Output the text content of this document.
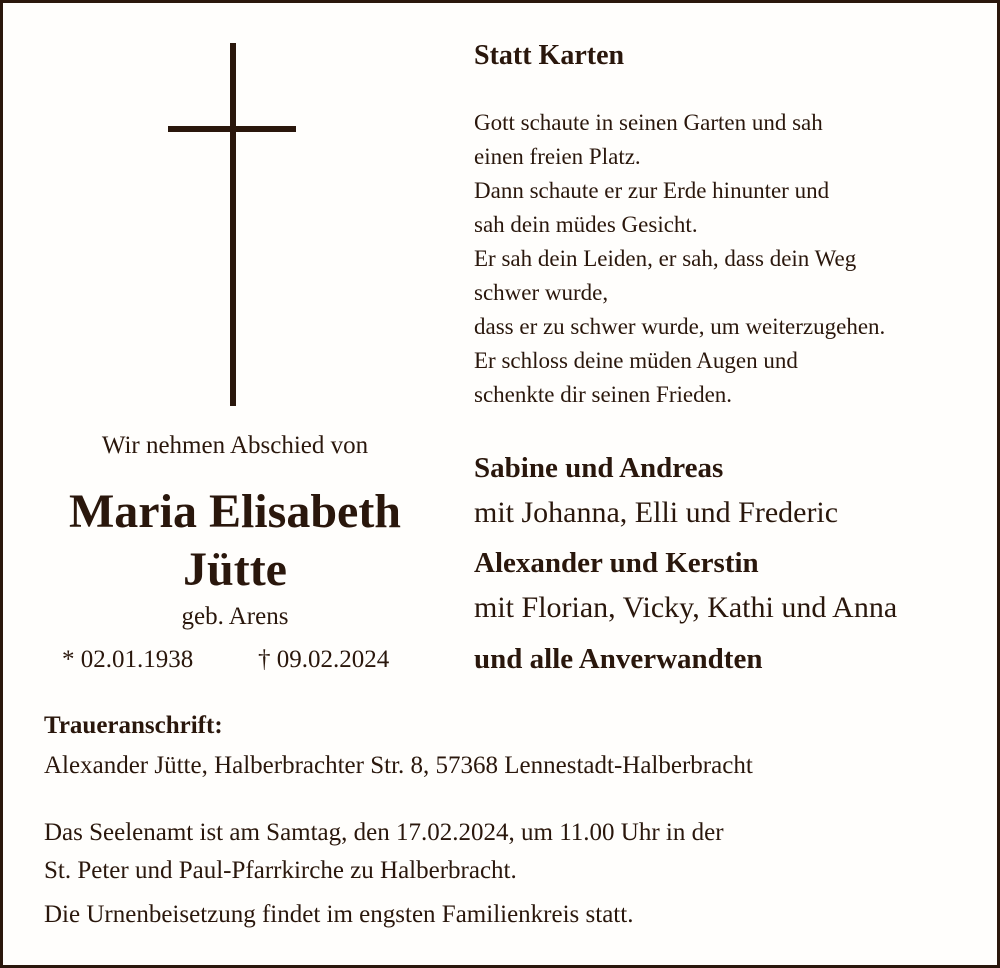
Wir nehmen Abschied von
Maria Elisabeth
Jütte
geb. Arens
* 02.01.1938	† 09.02.2024
Statt Karten
Gott schaute in seinen Garten und sah
einen freien Platz.
Dann schaute er zur Erde hinunter und
sah dein müdes Gesicht.
Er sah dein Leiden, er sah, dass dein Weg
schwer wurde,
dass er zu schwer wurde, um weiterzugehen.
Er schloss deine müden Augen und
schenkte dir seinen Frieden.
Sabine und Andreas
mit Johanna, Elli und Frederic
Alexander und Kerstin
mit Florian, Vicky, Kathi und Anna
und alle Anverwandten
Traueranschrift:
Alexander Jütte, Halberbrachter Str. 8, 57368 Lennestadt-Halberbracht
Das Seelenamt ist am Samtag, den 17.02.2024, um 11.00 Uhr in der
St. Peter und Paul-Pfarrkirche zu Halberbracht.
Die Urnenbeisetzung findet im engsten Familienkreis statt.
